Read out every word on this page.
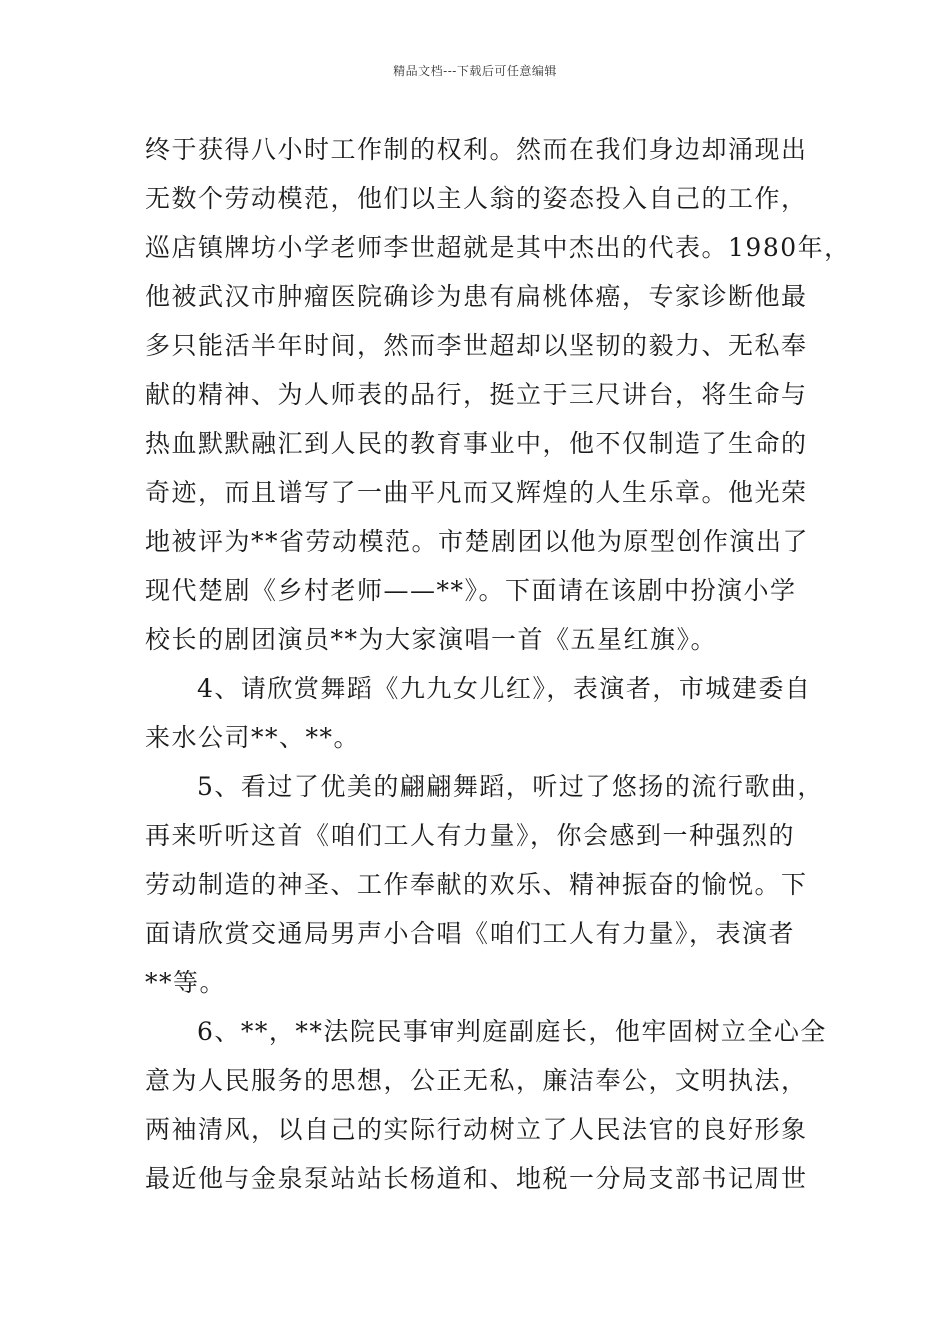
精品文档---下载后可任意编辑

终于获得八小时工作制的权利。然而在我们身边却涌现出
无数个劳动模范，他们以主人翁的姿态投入自己的工作，
巡店镇牌坊小学老师李世超就是其中杰出的代表。1980年，
他被武汉市肿瘤医院确诊为患有扁桃体癌，专家诊断他最
多只能活半年时间，然而李世超却以坚韧的毅力、无私奉
献的精神、为人师表的品行，挺立于三尺讲台，将生命与
热血默默融汇到人民的教育事业中，他不仅制造了生命的
奇迹，而且谱写了一曲平凡而又辉煌的人生乐章。他光荣
地被评为**省劳动模范。市楚剧团以他为原型创作演出了
现代楚剧《乡村老师——**》。下面请在该剧中扮演小学
校长的剧团演员**为大家演唱一首《五星红旗》。

4、请欣赏舞蹈《九九女儿红》，表演者，市城建委自
来水公司**、**。

5、看过了优美的翩翩舞蹈，听过了悠扬的流行歌曲，
再来听听这首《咱们工人有力量》，你会感到一种强烈的
劳动制造的神圣、工作奉献的欢乐、精神振奋的愉悦。下
面请欣赏交通局男声小合唱《咱们工人有力量》，表演者
**等。

6、**，**法院民事审判庭副庭长，他牢固树立全心全
意为人民服务的思想，公正无私，廉洁奉公，文明执法，
两袖清风，以自己的实际行动树立了人民法官的良好形象
最近他与金泉泵站站长杨道和、地税一分局支部书记周世
